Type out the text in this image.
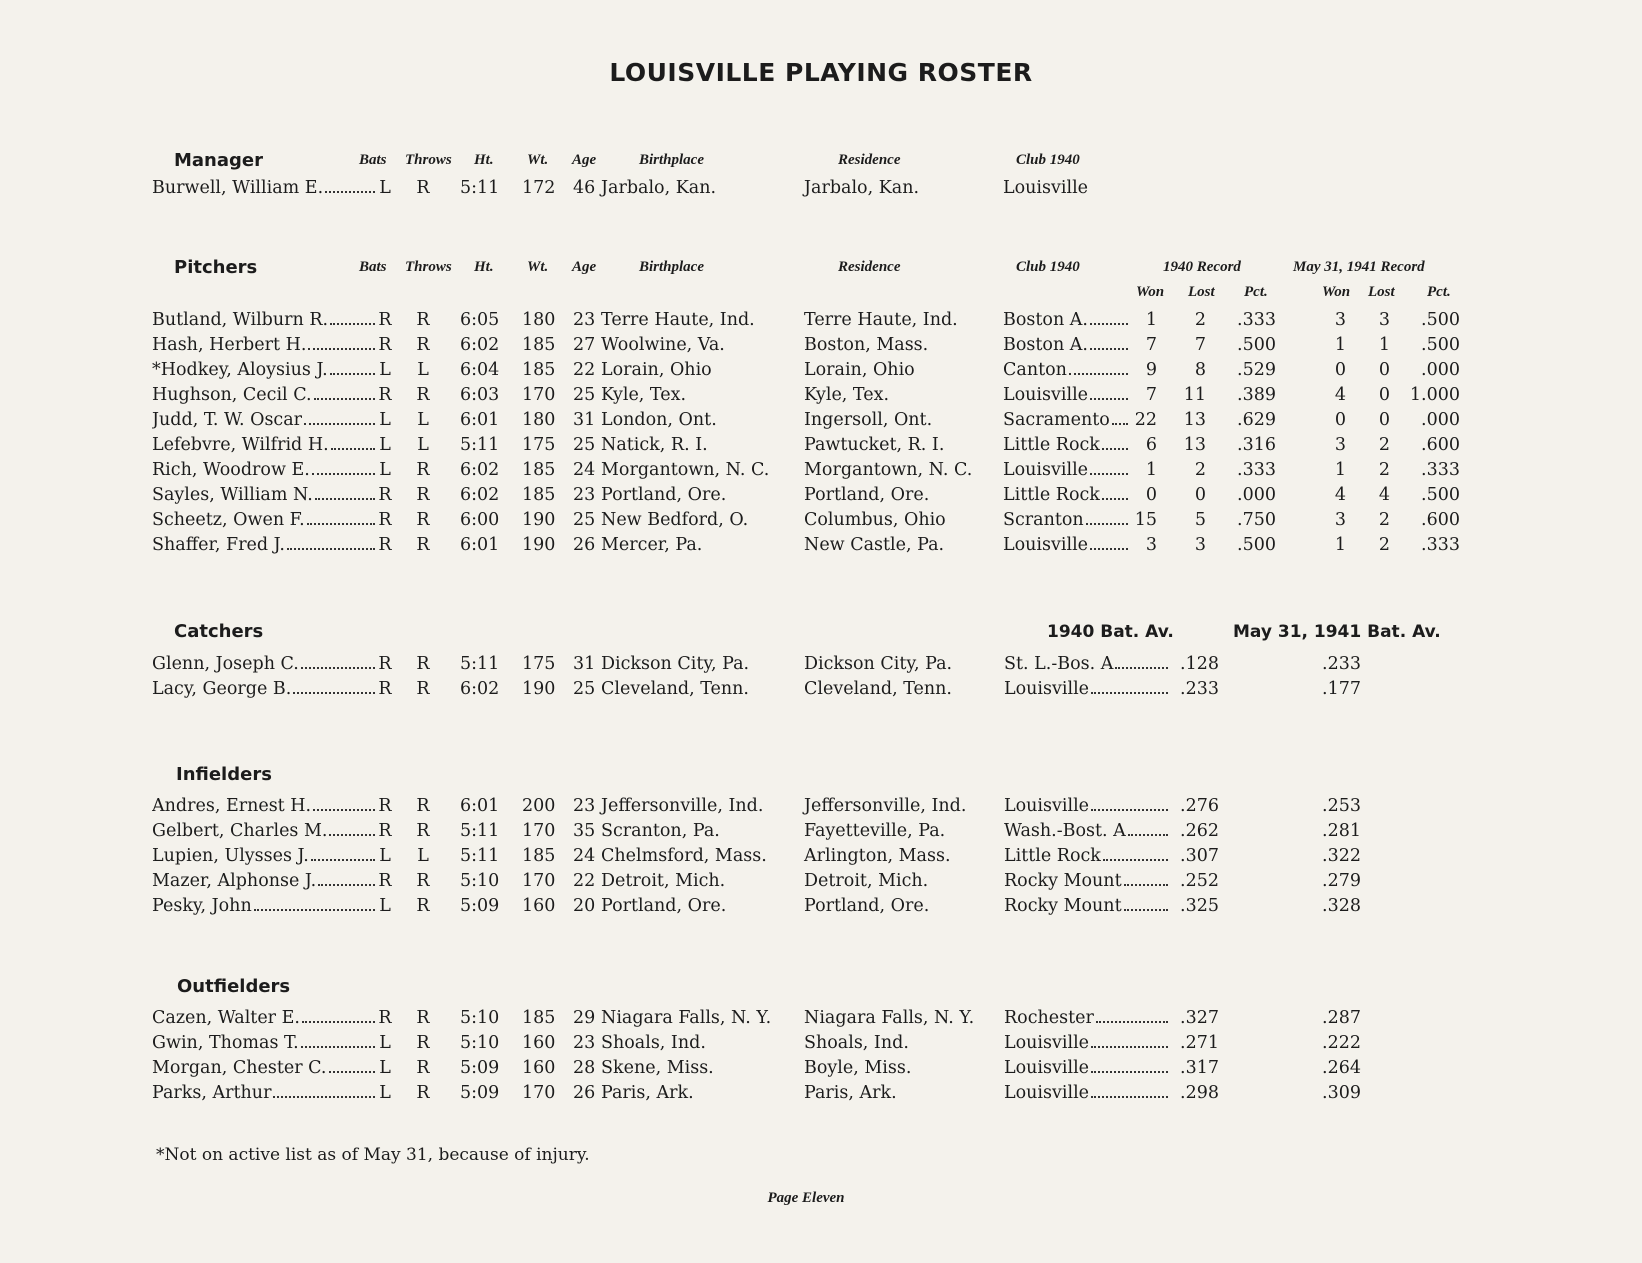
LOUISVILLE PLAYING ROSTER
Manager	Bats Throws Ht. Wt. Age	Birthplace	Residence	Club 1940
Burwell, William E.	L R 5:11 172 46 Jarbalo, Kan.	Jarbalo, Kan.	Louisville
Pitchers	Bats Throws Ht. Wt. Age	Birthplace	Residence	Club 1940	1940 Record	May 31, 1941 Record
Won Lost Pct.	Won Lost Pct.
Butland, Wilburn R.	R R 6:05 180 23 Terre Haute, Ind.	Terre Haute, Ind.	Boston A.	1	2	.333	3	3	.500
Hash, Herbert H.	R R 6:02 185 27 Woolwine, Va.	Boston, Mass.	Boston A.	7	7	.500	1	1	.500
*Hodkey, Aloysius J.	L L 6:04 185 22 Lorain, Ohio	Lorain, Ohio	Canton	9	8	.529	0	0	.000
Hughson, Cecil C.	R R 6:03 170 25 Kyle, Tex.	Kyle, Tex.	Louisville	7	11	.389	4	0	1.000
Judd, T. W. Oscar	L L 6:01 180 31 London, Ont.	Ingersoll, Ont.	Sacramento	22	13	.629	0	0	.000
Lefebvre, Wilfrid H.	L L 5:11 175 25 Natick, R. I.	Pawtucket, R. I.	Little Rock	6	13	.316	3	2	.600
Rich, Woodrow E.	L R 6:02 185 24 Morgantown, N. C.	Morgantown, N. C.	Louisville	1	2	.333	1	2	.333
Sayles, William N.	R R 6:02 185 23 Portland, Ore.	Portland, Ore.	Little Rock	0	0	.000	4	4	.500
Scheetz, Owen F.	R R 6:00 190 25 New Bedford, O.	Columbus, Ohio	Scranton	15	5	.750	3	2	.600
Shaffer, Fred J.	R R 6:01 190 26 Mercer, Pa.	New Castle, Pa.	Louisville	3	3	.500	1	2	.333
Catchers	1940 Bat. Av.	May 31, 1941 Bat. Av.
Glenn, Joseph C.	R R 5:11 175 31 Dickson City, Pa.	Dickson City, Pa.	St. L.-Bos. A	.128	.233
Lacy, George B.	R R 6:02 190 25 Cleveland, Tenn.	Cleveland, Tenn.	Louisville	.233	.177
Infielders
Andres, Ernest H.	R R 6:01 200 23 Jeffersonville, Ind.	Jeffersonville, Ind.	Louisville	.276	.253
Gelbert, Charles M.	R R 5:11 170 35 Scranton, Pa.	Fayetteville, Pa.	Wash.-Bost. A	.262	.281
Lupien, Ulysses J.	L L 5:11 185 24 Chelmsford, Mass.	Arlington, Mass.	Little Rock	.307	.322
Mazer, Alphonse J.	R R 5:10 170 22 Detroit, Mich.	Detroit, Mich.	Rocky Mount	.252	.279
Pesky, John	L R 5:09 160 20 Portland, Ore.	Portland, Ore.	Rocky Mount	.325	.328
Outfielders
Cazen, Walter E.	R R 5:10 185 29 Niagara Falls, N. Y.	Niagara Falls, N. Y.	Rochester	.327	.287
Gwin, Thomas T.	L R 5:10 160 23 Shoals, Ind.	Shoals, Ind.	Louisville	.271	.222
Morgan, Chester C.	L R 5:09 160 28 Skene, Miss.	Boyle, Miss.	Louisville	.317	.264
Parks, Arthur	L R 5:09 170 26 Paris, Ark.	Paris, Ark.	Louisville	.298	.309
*Not on active list as of May 31, because of injury.
Page Eleven
